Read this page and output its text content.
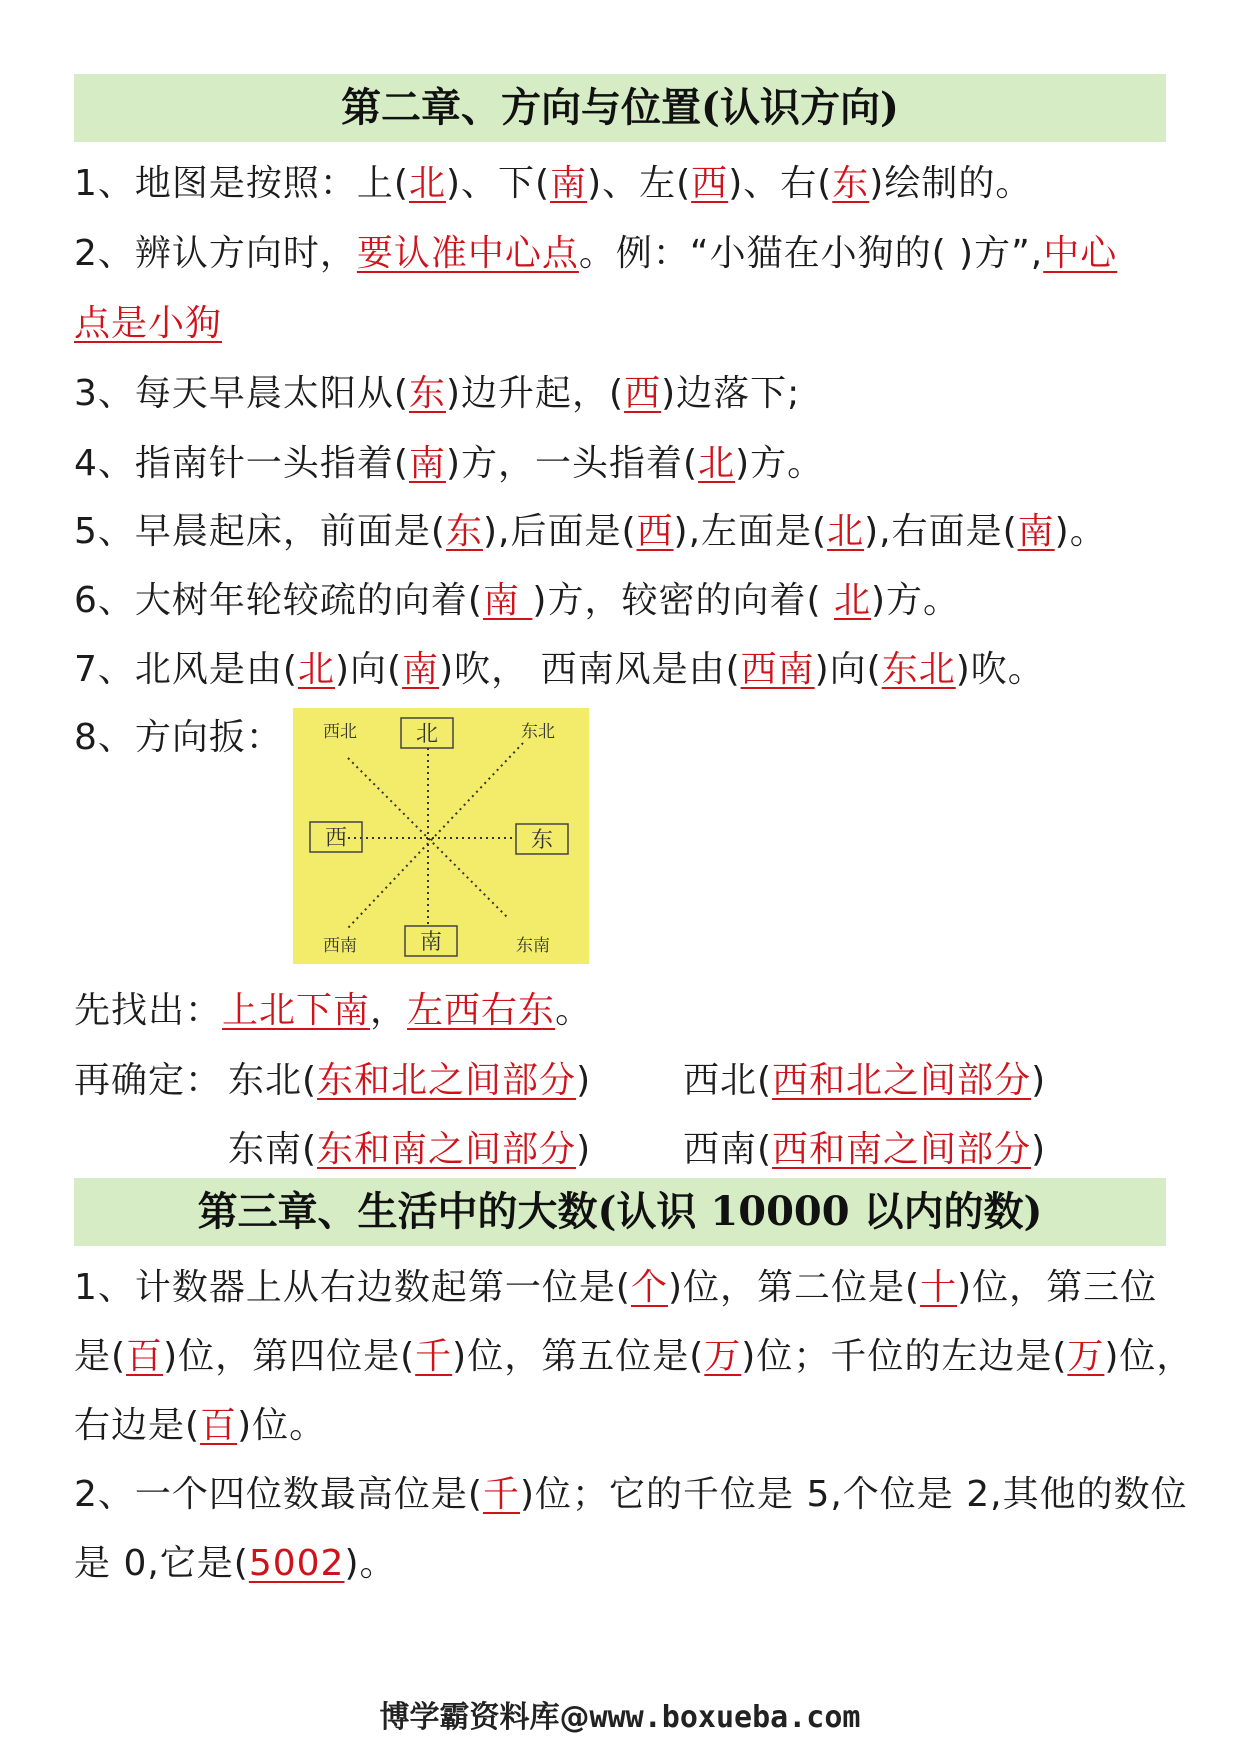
第二章、方向与位置(认识方向)
1、地图是按照：上(北)、下(南)、左(西)、右(东)绘制的。
2、辨认方向时，要认准中心点。例：“小猫在小狗的( )方”,中心
点是小狗
3、每天早晨太阳从(东)边升起，(西)边落下;
4、指南针一头指着(南)方，一头指着(北)方。
5、早晨起床，前面是(东),后面是(西),左面是(北),右面是(南)。
6、大树年轮较疏的向着(南 )方，较密的向着( 北)方。
7、北风是由(北)向(南)吹， 西南风是由(西南)向(东北)吹。
8、方向扳：	北
西	东
南
西北	东北
西南	东南
先找出：上北下南，左西右东。
再确定： 东北(东和北之间部分)	西北(西和北之间部分)
东南(东和南之间部分)	西南(西和南之间部分)
第三章、生活中的大数(认识 10000 以内的数)
1、计数器上从右边数起第一位是(个)位，第二位是(十)位，第三位
是(百)位，第四位是(千)位，第五位是(万)位；千位的左边是(万)位，
右边是(百)位。
2、一个四位数最高位是(千)位；它的千位是 5,个位是 2,其他的数位
是 0,它是(5002)。
博学霸资料库@www.boxueba.com
